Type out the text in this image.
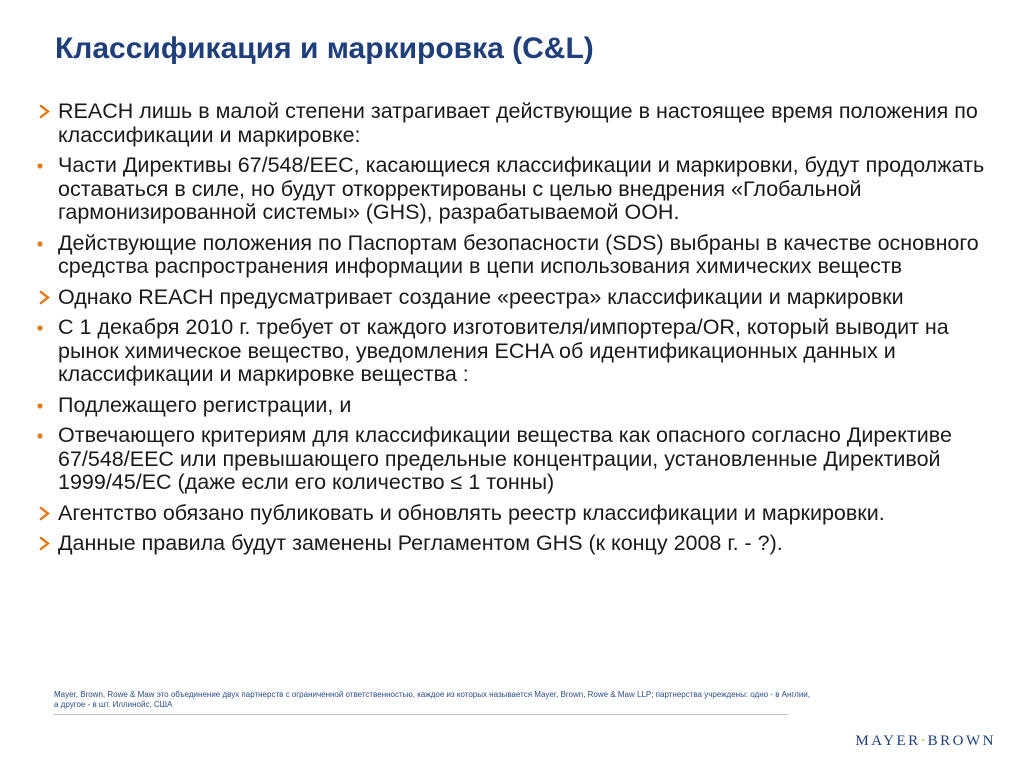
Классификация и маркировка (C&L)
REACH лишь в малой степени затрагивает действующие в настоящее время положения по классификации и маркировке:
Части Директивы 67/548/EEC, касающиеся классификации и маркировки, будут продолжать оставаться в силе, но будут откорректированы с целью внедрения «Глобальной гармонизированной системы» (GHS), разрабатываемой ООН.
Действующие положения по Паспортам безопасности (SDS) выбраны в качестве основного средства распространения информации в цепи использования химических веществ
Однако REACH предусматривает создание «реестра» классификации и маркировки
С 1 декабря 2010 г. требует от каждого изготовителя/импортера/OR, который выводит на рынок химическое вещество, уведомления ECHA об идентификационных данных и классификации и маркировке вещества :
Подлежащего регистрации, и
Отвечающего критериям для классификации вещества как опасного согласно Директиве 67/548/EEC или превышающего предельные концентрации, установленные Директивой 1999/45/EC (даже если его количество ≤ 1 тонны)
Агентство обязано публиковать и обновлять реестр классификации и маркировки.
Данные правила будут заменены Регламентом GHS (к концу 2008 г. - ?).

Mayer, Brown, Rowe & Maw это объединение двух партнерств с ограниченной ответственностью, каждое из которых называется Mayer, Brown, Rowe & Maw LLP; партнерства учреждены: одно - в Англии, а другое - в шт. Иллинойс. США

MAYER·BROWN
